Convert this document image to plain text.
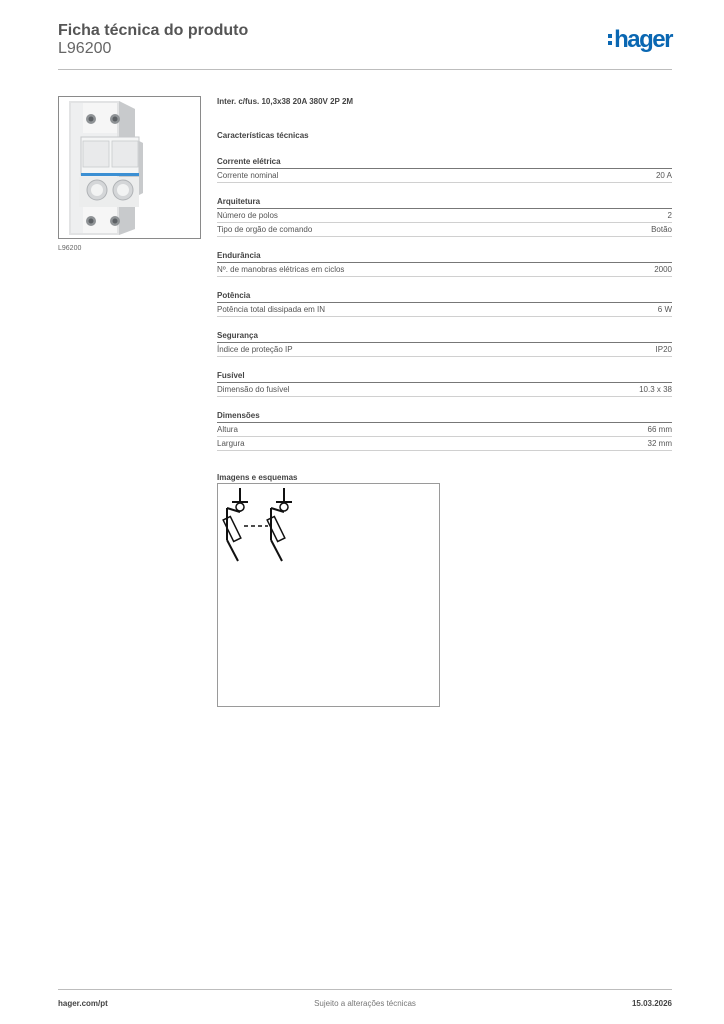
Ficha técnica do produto
L96200	hager
L96200
Inter. c/fus. 10,3x38 20A 380V 2P 2M
Características técnicas
Corrente elétrica
Corrente nominal	20 A
Arquitetura
Número de polos	2
Tipo de orgão de comando	Botão
Endurância
Nº. de manobras elétricas em ciclos	2000
Potência
Potência total dissipada em IN	6 W
Segurança
Índice de proteção IP	IP20
Fusível
Dimensão do fusível	10.3 x 38
Dimensões
Altura	66 mm
Largura	32 mm
Imagens e esquemas
hager.com/pt	Sujeito a alterações técnicas	15.03.2026
